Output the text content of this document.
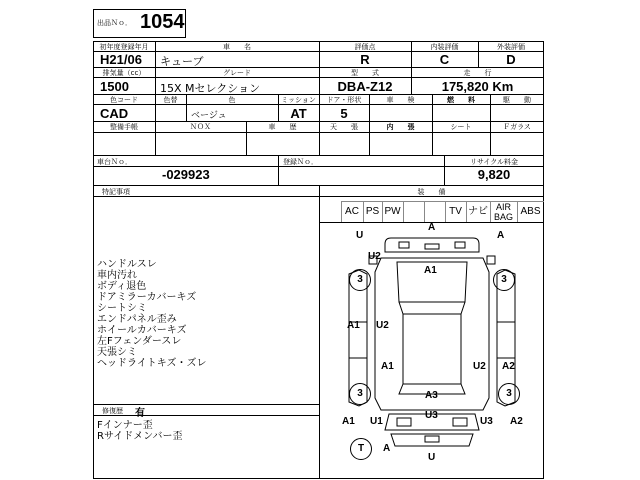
出品Ｎｏ． 1054
初年度登録年月
H21/06
車　　名
キューブ
評価点
R
内装評価
C
外装評価
D
排気量（cc）
1500
グレード
15X Mセレクション
型　　式
DBA-Z12
走　　行
175,820 Km
色コード
CAD
色替	色
ベージュ
ミッション
AT
ドア・形状
5
車　　検	燃　　料	駆　　動
整備手帳	ＮＯＸ	車　　歴	天　　張	内　　張	シート	Ｆガラス
車台Ｎｏ．
-029923
登録Ｎｏ．	リサイクル料金
9,820
特記事項
ハンドルスレ
車内汚れ
ボディ退色
ドアミラーカバーキズ
シートシミ
エンドパネル歪み
ホイールカバーキズ
左Fフェンダースレ
天張シミ
ヘッドライトキズ・ズレ
修復歴 有
Fインナー歪
Rサイドメンバー歪
装　　備
AC PS PW	TV ナビ AIR BAG ABS
U
A
A
U2
A1
3	3
A1 U2
A1	U2 A2
3	3
A3
U3
A1 U1	U3 A2
T	A
U
